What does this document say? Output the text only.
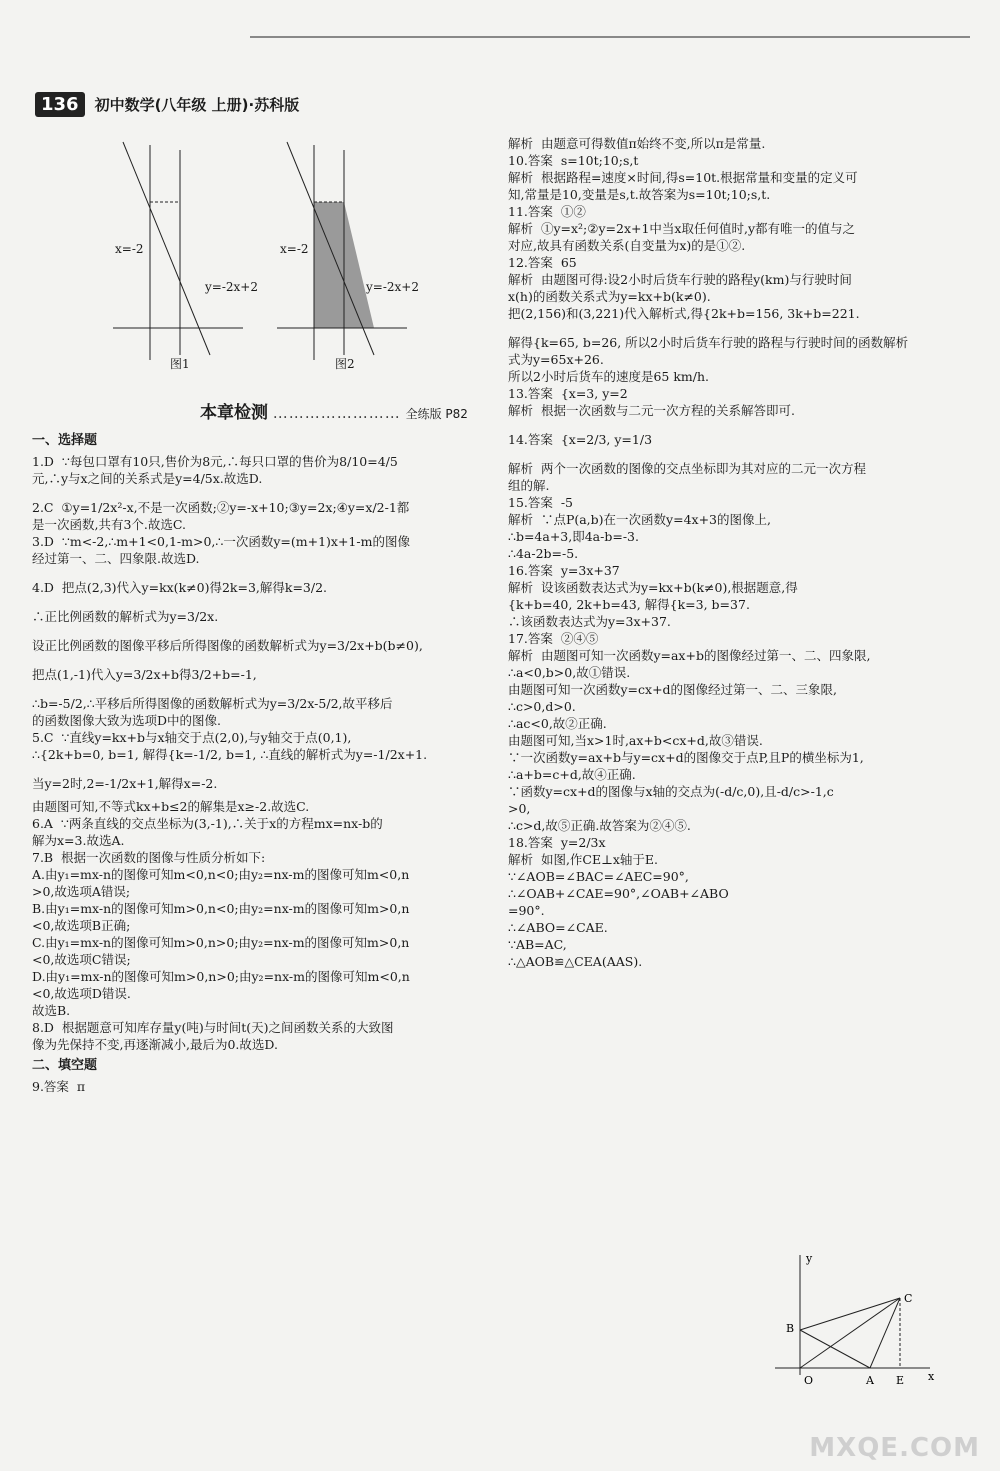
136	初中数学(八年级 上册)·苏科版
x=-2
y=-2x+2
图1
x=-2
y=-2x+2
图2
本章检测 …………………… 全练版 P82
一、选择题
1.D  ∵每包口罩有10只,售价为8元,∴每只口罩的售价为8/10=4/5
元,∴y与x之间的关系式是y=4/5x.故选D.
2.C  ①y=1/2x²-x,不是一次函数;②y=-x+10;③y=2x;④y=x/2-1都
是一次函数,共有3个.故选C.
3.D  ∵m<-2,∴m+1<0,1-m>0,∴一次函数y=(m+1)x+1-m的图像
经过第一、二、四象限.故选D.
4.D  把点(2,3)代入y=kx(k≠0)得2k=3,解得k=3/2.
∴正比例函数的解析式为y=3/2x.
设正比例函数的图像平移后所得图像的函数解析式为y=3/2x+b(b≠0),
把点(1,-1)代入y=3/2x+b得3/2+b=-1,
∴b=-5/2,∴平移后所得图像的函数解析式为y=3/2x-5/2,故平移后
的函数图像大致为选项D中的图像.
5.C  ∵直线y=kx+b与x轴交于点(2,0),与y轴交于点(0,1),
∴{2k+b=0, b=1, 解得{k=-1/2, b=1, ∴直线的解析式为y=-1/2x+1.
当y=2时,2=-1/2x+1,解得x=-2.
由题图可知,不等式kx+b≤2的解集是x≥-2.故选C.
6.A  ∵两条直线的交点坐标为(3,-1),∴关于x的方程mx=nx-b的
解为x=3.故选A.
7.B  根据一次函数的图像与性质分析如下:
A.由y₁=mx-n的图像可知m<0,n<0;由y₂=nx-m的图像可知m<0,n
>0,故选项A错误;
B.由y₁=mx-n的图像可知m>0,n<0;由y₂=nx-m的图像可知m>0,n
<0,故选项B正确;
C.由y₁=mx-n的图像可知m>0,n>0;由y₂=nx-m的图像可知m>0,n
<0,故选项C错误;
D.由y₁=mx-n的图像可知m>0,n>0;由y₂=nx-m的图像可知m<0,n
<0,故选项D错误.
故选B.
8.D  根据题意可知库存量y(吨)与时间t(天)之间函数关系的大致图
像为先保持不变,再逐渐减小,最后为0.故选D.
二、填空题
9.答案  π
解析  由题意可得数值π始终不变,所以π是常量.
10.答案  s=10t;10;s,t
解析  根据路程=速度×时间,得s=10t.根据常量和变量的定义可
知,常量是10,变量是s,t.故答案为s=10t;10;s,t.
11.答案  ①②
解析  ①y=x²;②y=2x+1中当x取任何值时,y都有唯一的值与之
对应,故具有函数关系(自变量为x)的是①②.
12.答案  65
解析  由题图可得:设2小时后货车行驶的路程y(km)与行驶时间
x(h)的函数关系式为y=kx+b(k≠0).
把(2,156)和(3,221)代入解析式,得{2k+b=156, 3k+b=221.
解得{k=65, b=26, 所以2小时后货车行驶的路程与行驶时间的函数解析
式为y=65x+26.
所以2小时后货车的速度是65 km/h.
13.答案  {x=3, y=2
解析  根据一次函数与二元一次方程的关系解答即可.
14.答案  {x=2/3, y=1/3
解析  两个一次函数的图像的交点坐标即为其对应的二元一次方程
组的解.
15.答案  -5
解析  ∵点P(a,b)在一次函数y=4x+3的图像上,
∴b=4a+3,即4a-b=-3.
∴4a-2b=-5.
16.答案  y=3x+37
解析  设该函数表达式为y=kx+b(k≠0),根据题意,得
{k+b=40, 2k+b=43, 解得{k=3, b=37.
∴该函数表达式为y=3x+37.
17.答案  ②④⑤
解析  由题图可知一次函数y=ax+b的图像经过第一、二、四象限,
∴a<0,b>0,故①错误.
由题图可知一次函数y=cx+d的图像经过第一、二、三象限,
∴c>0,d>0.
∴ac<0,故②正确.
由题图可知,当x>1时,ax+b<cx+d,故③错误.
∵一次函数y=ax+b与y=cx+d的图像交于点P,且P的横坐标为1,
∴a+b=c+d,故④正确.
∵函数y=cx+d的图像与x轴的交点为(-d/c,0),且-d/c>-1,c
>0,
∴c>d,故⑤正确.故答案为②④⑤.
18.答案  y=2/3x
解析  如图,作CE⊥x轴于E.
∵∠AOB=∠BAC=∠AEC=90°,
∴∠OAB+∠CAE=90°,∠OAB+∠ABO
=90°.
∴∠ABO=∠CAE.
∵AB=AC,
∴△AOB≌△CEA(AAS).
y
B
C
O	A E x
MXQE.COM
